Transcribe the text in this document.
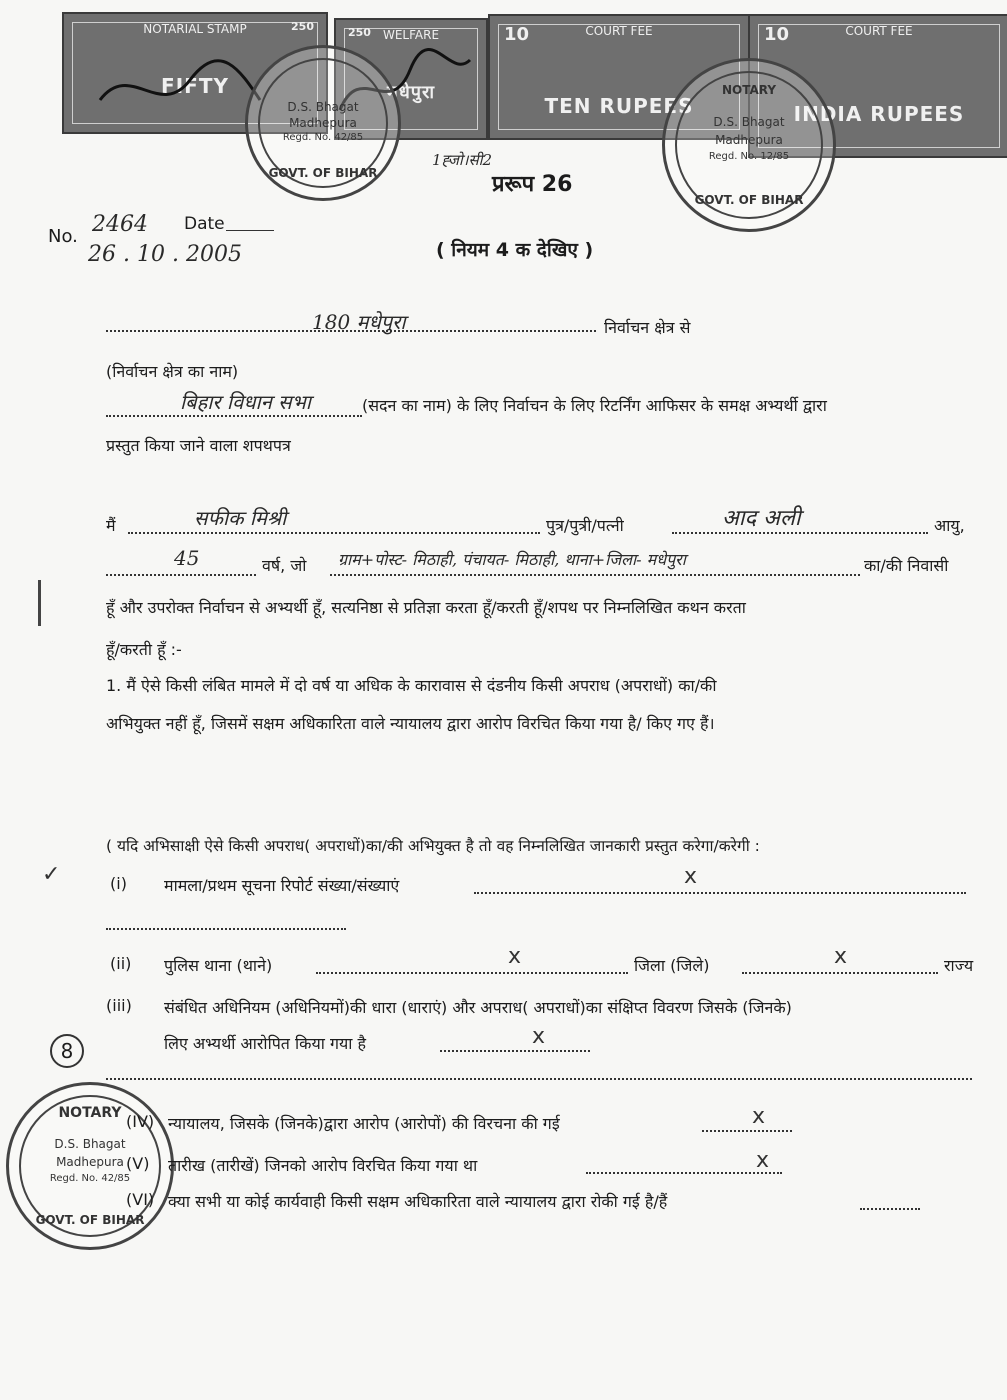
NOTARIAL STAMP
FIFTY
250
WELFARE
मधेपुरा
250	COURT FEE
TEN RUPEES
10	COURT FEE
INDIA RUPEES
10
D.S. Bhagat
Madhepura
Regd. No. 42/85
GOVT. OF BIHAR
NOTARY
D.S. Bhagat
Madhepura
Regd. No. 12/85
GOVT. OF BIHAR
NOTARY
D.S. Bhagat
Madhepura
Regd. No. 42/85
GOVT. OF BIHAR
1ह्जो।सी2
प्ररूप 26
( नियम 4 क देखिए )
No. 2464 Date
26 . 10 . 2005
180 मधेपुरा	निर्वाचन क्षेत्र से
(निर्वाचन क्षेत्र का नाम)
बिहार विधान सभा	(सदन का नाम) के लिए निर्वाचन के लिए रिटर्निंग आफिसर के समक्ष अभ्यर्थी द्वारा
प्रस्तुत किया जाने वाला शपथपत्र
मैं	सफीक मिश्री	पुत्र/पुत्री/पत्नी	आद अली	आयु,
45	वर्ष, जो ग्राम+पोस्ट- मिठाही, पंचायत- मिठाही, थाना+जिला- मधेपुरा	का/की निवासी
हूँ और उपरोक्त निर्वाचन से अभ्यर्थी हूँ, सत्यनिष्ठा से प्रतिज्ञा करता हूँ/करती हूँ/शपथ पर निम्नलिखित कथन करता
हूँ/करती हूँ :-
1. मैं ऐसे किसी लंबित मामले में दो वर्ष या अधिक के कारावास से दंडनीय किसी अपराध (अपराधों) का/की
अभियुक्त नहीं हूँ, जिसमें सक्षम अधिकारिता वाले न्यायालय द्वारा आरोप विरचित किया गया है/ किए गए हैं।
( यदि अभिसाक्षी ऐसे किसी अपराध( अपराधों)का/की अभियुक्त है तो वह निम्नलिखित जानकारी प्रस्तुत करेगा/करेगी :
✓	(i) मामला/प्रथम सूचना रिपोर्ट संख्या/संख्याएं	x
(ii) पुलिस थाना (थाने)	x	जिला (जिले)	x	राज्य
(iii) संबंधित अधिनियम (अधिनियमों)की धारा (धाराएं) और अपराध( अपराधों)का संक्षिप्त विवरण जिसके (जिनके)
लिए अभ्यर्थी आरोपित किया गया है	x
8
(IV) न्यायालय, जिसके (जिनके)द्वारा आरोप (आरोपों) की विरचना की गई	x
(V) तारीख (तारीखें) जिनको आरोप विरचित किया गया था	x
(VI) क्या सभी या कोई कार्यवाही किसी सक्षम अधिकारिता वाले न्यायालय द्वारा रोकी गई है/हैं
